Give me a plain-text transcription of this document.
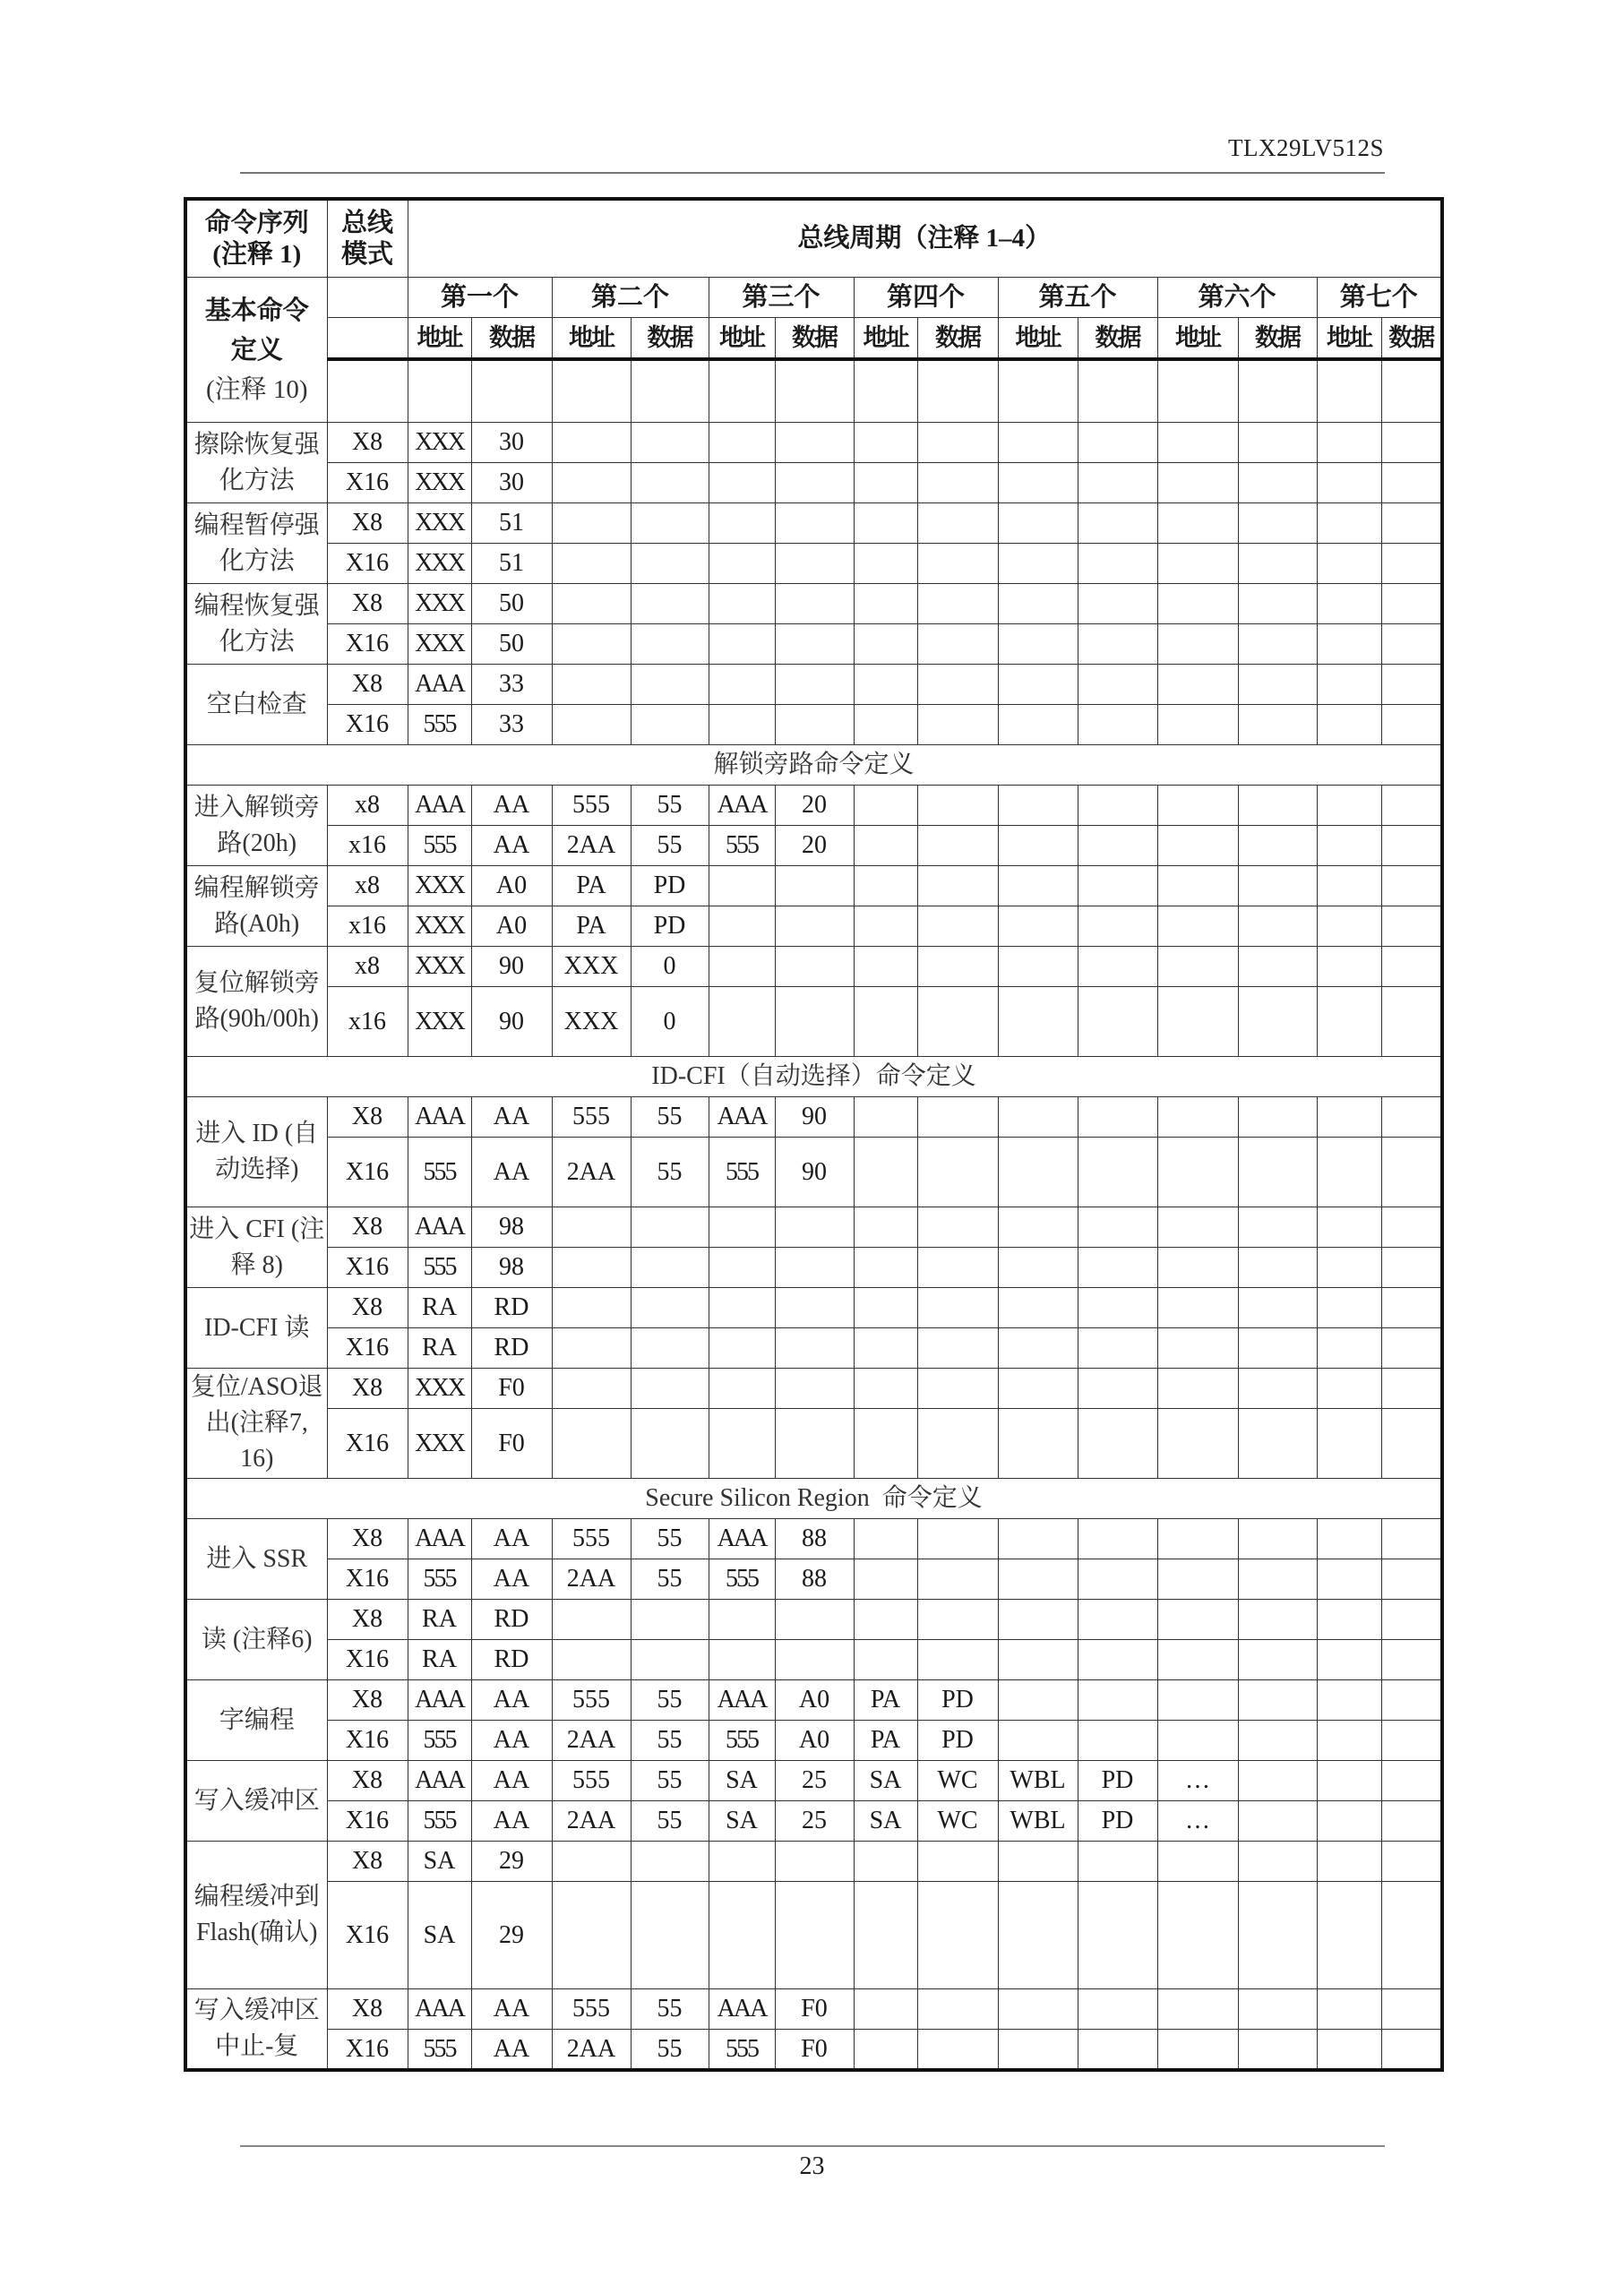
TLX29LV512S
命令序列
(注释 1)	总线
模式	总线周期（注释 1–4）													

基本命令
定义
(注释 10)		第一个		第二个		第三个		第四个		第五个		第六个		第七个	
		地址	数据	地址	数据	地址	数据	地址	数据	地址	数据	地址	数据	地址	数据

擦除恢复强化方法	X8	XXX	30												
	X16	XXX	30												
编程暂停强化方法	X8	XXX	51												
	X16	XXX	51												
编程恢复强化方法	X8	XXX	50												
	X16	XXX	50												
空白检查	X8	AAA	33												
	X16	555	33												
解锁旁路命令定义															
进入解锁旁路(20h)	x8	AAA	AA	555	55	AAA	20								
	x16	555	AA	2AA	55	555	20								
编程解锁旁路(A0h)	x8	XXX	A0	PA	PD										
	x16	XXX	A0	PA	PD										
复位解锁旁路(90h/00h)	x8	XXX	90	XXX	0										
	x16	XXX	90	XXX	0										
ID-CFI（自动选择）命令定义															
进入 ID (自动选择)	X8	AAA	AA	555	55	AAA	90								
	X16	555	AA	2AA	55	555	90								
进入 CFI (注释 8)	X8	AAA	98												
	X16	555	98												
ID-CFI 读	X8	RA	RD												
	X16	RA	RD												
复位/ASO退出(注释7, 16)	X8	XXX	F0												
	X16	XXX	F0												
Secure Silicon Region  命令定义															
进入 SSR	X8	AAA	AA	555	55	AAA	88								
	X16	555	AA	2AA	55	555	88								
读 (注释6)	X8	RA	RD												
	X16	RA	RD												
字编程	X8	AAA	AA	555	55	AAA	A0	PA	PD						
	X16	555	AA	2AA	55	555	A0	PA	PD						
写入缓冲区	X8	AAA	AA	555	55	SA	25	SA	WC	WBL	PD	…			
	X16	555	AA	2AA	55	SA	25	SA	WC	WBL	PD	…			
编程缓冲到Flash(确认)	X8	SA	29												
	X16	SA	29												
写入缓冲区中止-复	X8	AAA	AA	555	55	AAA	F0								
	X16	555	AA	2AA	55	555	F0								
23
